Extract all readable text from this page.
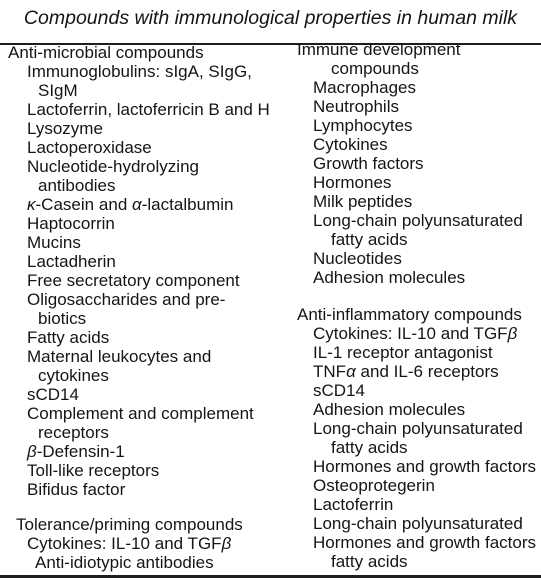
Compounds with immunological properties in human milk
Anti-microbial compounds
Immunoglobulins: sIgA, SIgG,
SIgM
Lactoferrin, lactoferricin B and H
Lysozyme
Lactoperoxidase
Nucleotide-hydrolyzing
antibodies
κ-Casein and α-lactalbumin
Haptocorrin
Mucins
Lactadherin
Free secretatory component
Oligosaccharides and pre-
biotics
Fatty acids
Maternal leukocytes and
cytokines
sCD14
Complement and complement
receptors
β-Defensin-1
Toll-like receptors
Bifidus factor
Tolerance/priming compounds
Cytokines: IL-10 and TGFβ
Anti-idiotypic antibodies
Immune development
compounds
Macrophages
Neutrophils
Lymphocytes
Cytokines
Growth factors
Hormones
Milk peptides
Long-chain polyunsaturated
fatty acids
Nucleotides
Adhesion molecules
Anti-inflammatory compounds
Cytokines: IL-10 and TGFβ
IL-1 receptor antagonist
TNFα and IL-6 receptors
sCD14
Adhesion molecules
Long-chain polyunsaturated
fatty acids
Hormones and growth factors
Osteoprotegerin
Lactoferrin
Long-chain polyunsaturated
Hormones and growth factors
fatty acids
